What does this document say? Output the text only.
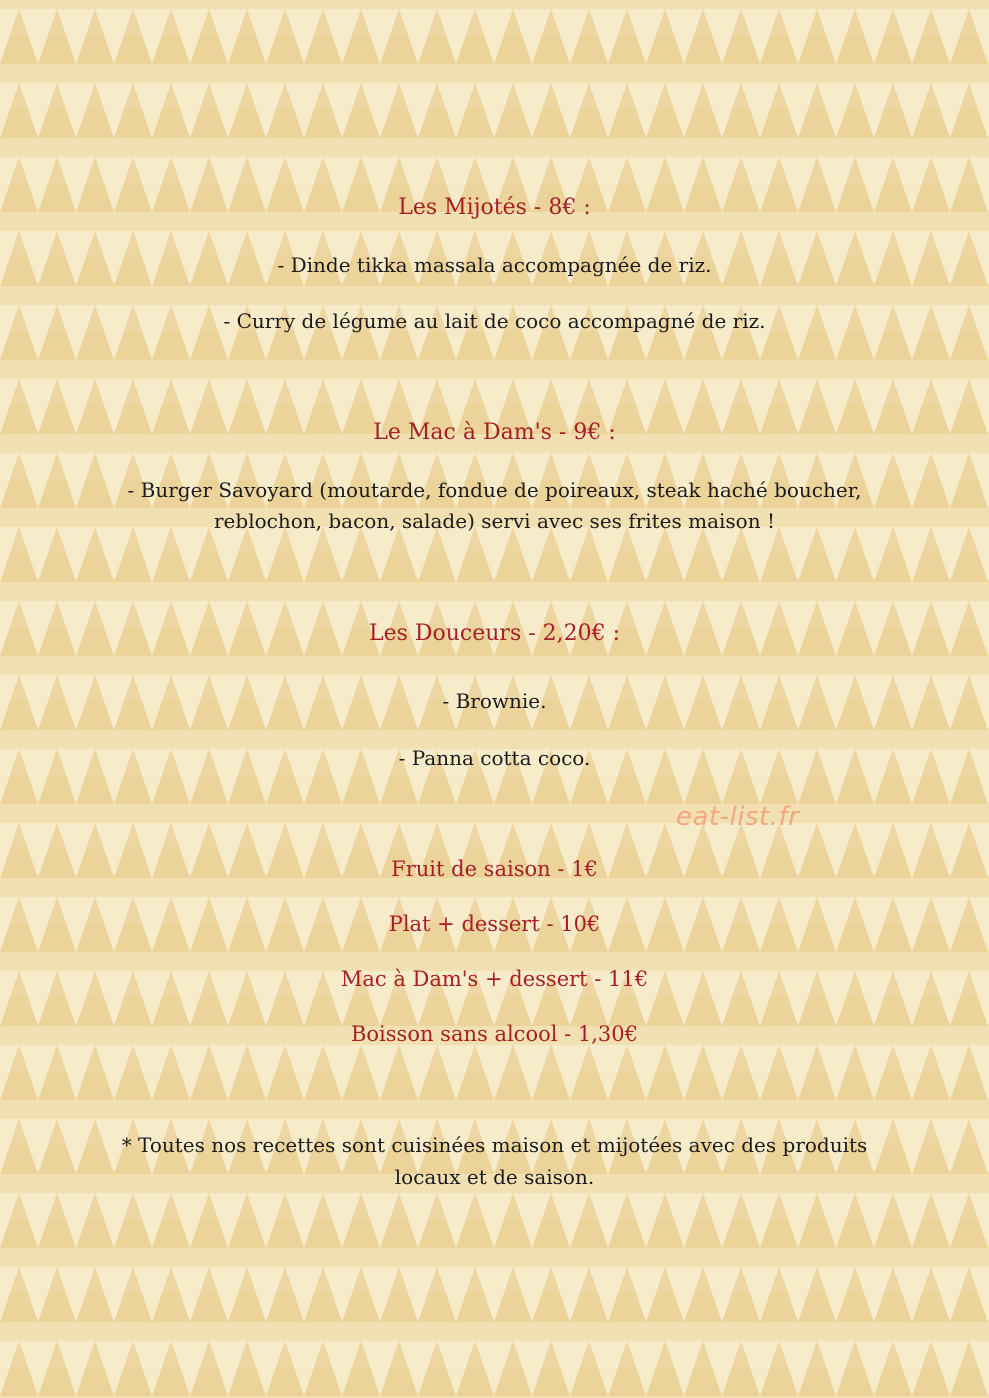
Les Mijotés - 8€ :
- Dinde tikka massala accompagnée de riz.
- Curry de légume au lait de coco accompagné de riz.
Le Mac à Dam's - 9€ :
- Burger Savoyard (moutarde, fondue de poireaux, steak haché boucher,
reblochon, bacon, salade) servi avec ses frites maison !
Les Douceurs - 2,20€ :
- Brownie.
- Panna cotta coco.
eat-list.fr
Fruit de saison - 1€
Plat + dessert - 10€
Mac à Dam's + dessert - 11€
Boisson sans alcool - 1,30€
* Toutes nos recettes sont cuisinées maison et mijotées avec des produits
locaux et de saison.
